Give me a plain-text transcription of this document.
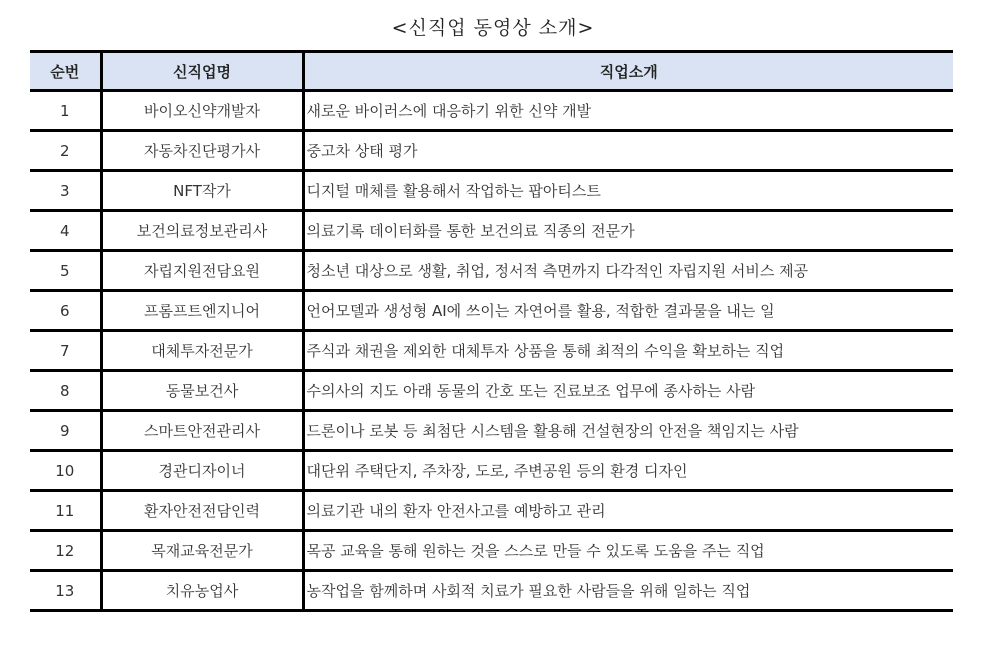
<신직업 동영상 소개>
순번	신직업명	직업소개
1	바이오신약개발자	새로운 바이러스에 대응하기 위한 신약 개발
2	자동차진단평가사	중고차 상태 평가
3	NFT작가	디지털 매체를 활용해서 작업하는 팝아티스트
4	보건의료정보관리사	의료기록 데이터화를 통한 보건의료 직종의 전문가
5	자립지원전담요원	청소년 대상으로 생활, 취업, 정서적 측면까지 다각적인 자립지원 서비스 제공
6	프롬프트엔지니어	언어모델과 생성형 AI에 쓰이는 자연어를 활용, 적합한 결과물을 내는 일
7	대체투자전문가	주식과 채권을 제외한 대체투자 상품을 통해 최적의 수익을 확보하는 직업
8	동물보건사	수의사의 지도 아래 동물의 간호 또는 진료보조 업무에 종사하는 사람
9	스마트안전관리사	드론이나 로봇 등 최첨단 시스템을 활용해 건설현장의 안전을 책임지는 사람
10	경관디자이너	대단위 주택단지, 주차장, 도로, 주변공원 등의 환경 디자인
11	환자안전전담인력	의료기관 내의 환자 안전사고를 예방하고 관리
12	목재교육전문가	목공 교육을 통해 원하는 것을 스스로 만들 수 있도록 도움을 주는 직업
13	치유농업사	농작업을 함께하며 사회적 치료가 필요한 사람들을 위해 일하는 직업
